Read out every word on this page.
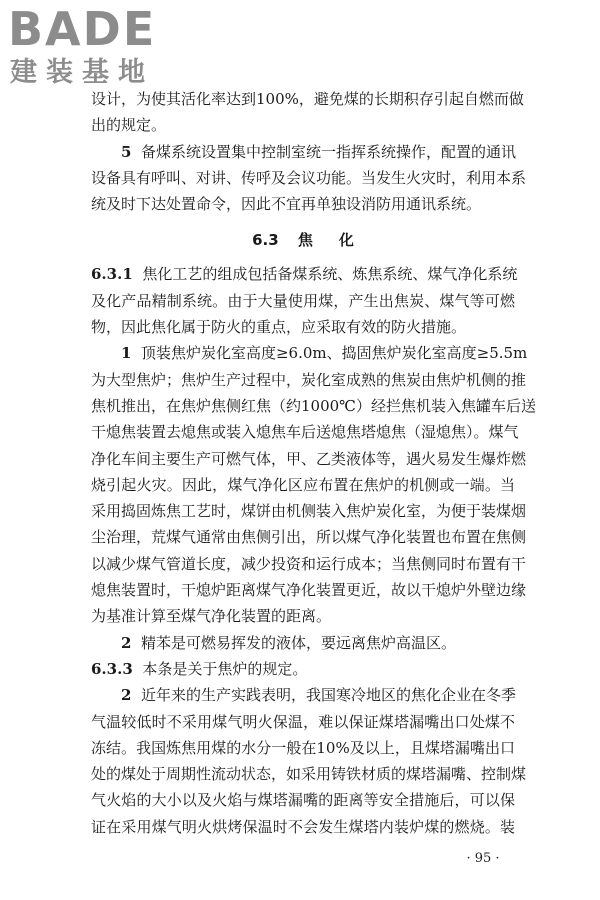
BADE
建装基地
设计，为使其活化率达到100%，避免煤的长期积存引起自燃而做
出的规定。
5 备煤系统设置集中控制室统一指挥系统操作，配置的通讯
设备具有呼叫、对讲、传呼及会议功能。当发生火灾时，利用本系
统及时下达处置命令，因此不宜再单独设消防用通讯系统。
6.3 焦 化
6.3.1 焦化工艺的组成包括备煤系统、炼焦系统、煤气净化系统
及化产品精制系统。由于大量使用煤，产生出焦炭、煤气等可燃
物，因此焦化属于防火的重点，应采取有效的防火措施。
1 顶装焦炉炭化室高度≥6.0m、捣固焦炉炭化室高度≥5.5m
为大型焦炉；焦炉生产过程中，炭化室成熟的焦炭由焦炉机侧的推
焦机推出，在焦炉焦侧红焦（约1000℃）经拦焦机装入焦罐车后送
干熄焦装置去熄焦或装入熄焦车后送熄焦塔熄焦（湿熄焦）。煤气
净化车间主要生产可燃气体，甲、乙类液体等，遇火易发生爆炸燃
烧引起火灾。因此，煤气净化区应布置在焦炉的机侧或一端。当
采用捣固炼焦工艺时，煤饼由机侧装入焦炉炭化室，为便于装煤烟
尘治理，荒煤气通常由焦侧引出，所以煤气净化装置也布置在焦侧
以减少煤气管道长度，减少投资和运行成本；当焦侧同时布置有干
熄焦装置时，干熄炉距离煤气净化装置更近，故以干熄炉外壁边缘
为基准计算至煤气净化装置的距离。
2 精苯是可燃易挥发的液体，要远离焦炉高温区。
6.3.3 本条是关于焦炉的规定。
2 近年来的生产实践表明，我国寒冷地区的焦化企业在冬季
气温较低时不采用煤气明火保温，难以保证煤塔漏嘴出口处煤不
冻结。我国炼焦用煤的水分一般在10%及以上，且煤塔漏嘴出口
处的煤处于周期性流动状态，如采用铸铁材质的煤塔漏嘴、控制煤
气火焰的大小以及火焰与煤塔漏嘴的距离等安全措施后，可以保
证在采用煤气明火烘烤保温时不会发生煤塔内装炉煤的燃烧。装
· 95 ·
